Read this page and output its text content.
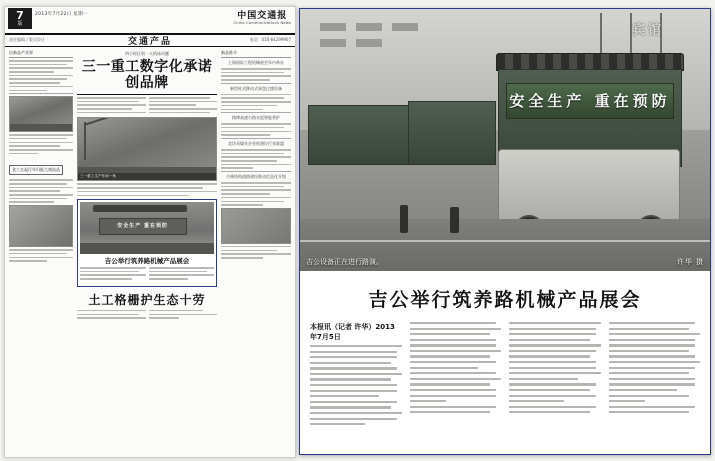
7
版
2013年7月22日 星期一	中国交通报
China Communications News
责任编辑 / 版式设计	交通产品	电话：010-64299907
出新品产业界
食工在起行年归能大商选品
四小时区别一人机床问题
三一重工数字化承诺创品牌
三一重工生产车间一角
安全生产 重在预防
吉公举行筑养路机械产品展会
土工格栅护生态十劳
新品推介
上海国际工程机械展会年内举办
新型柱式移动式果盘过渡设备
路博高速公路水泥智能养护
北坊采煤业企业机建设行业联盟
吉林结构道路建设推动信息化升级
宾馆
安全生产 重在预防
吉公设备正在进行路演。	许华 摄
吉公举行筑养路机械产品展会
本报讯（记者 许华）2013年7月5日
